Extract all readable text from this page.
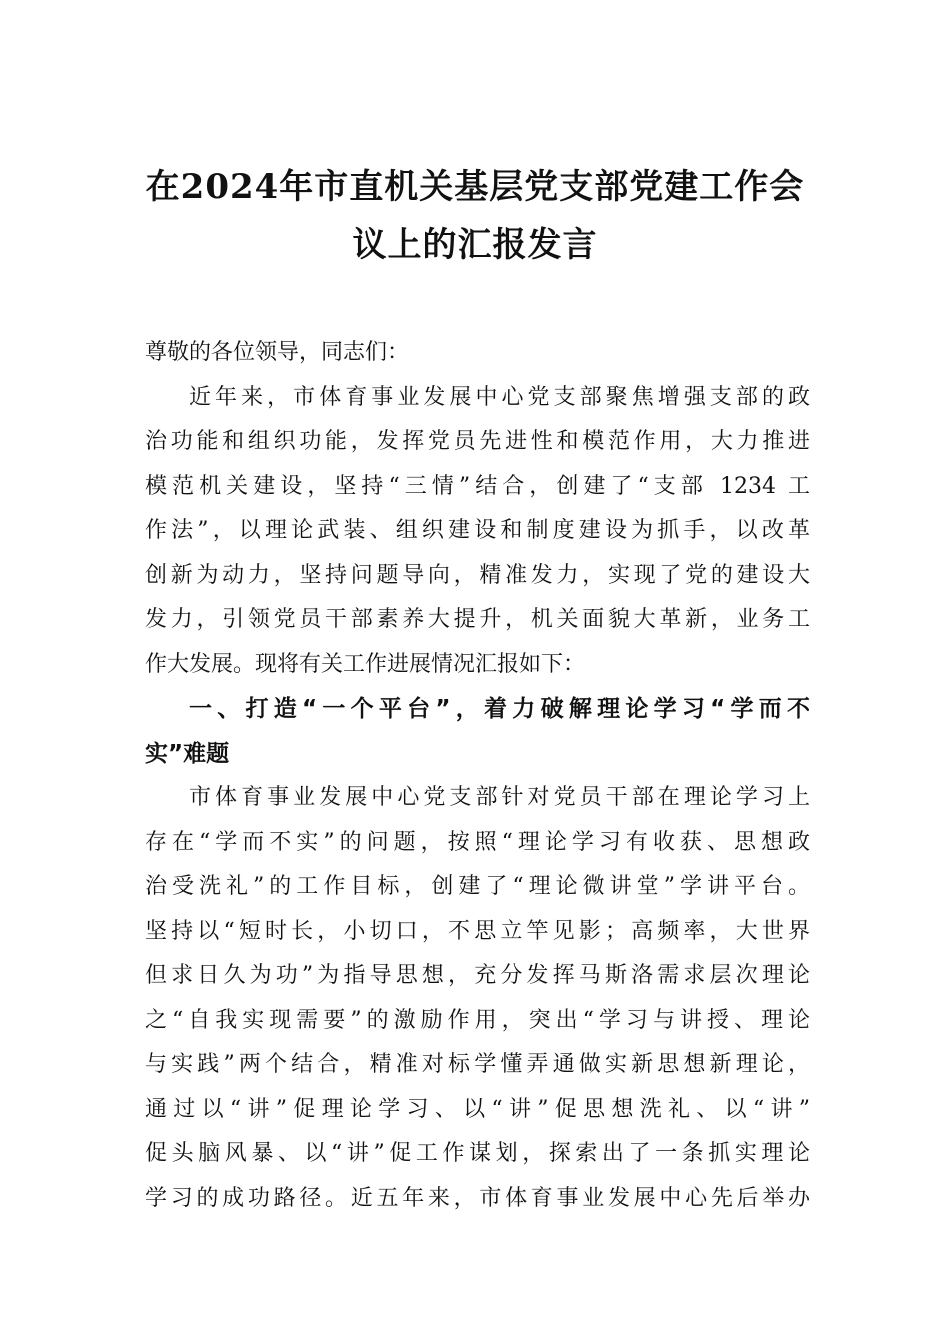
在2024年市直机关基层党支部党建工作会
议上的汇报发言
尊敬的各位领导，同志们：
近年来，市体育事业发展中心党支部聚焦增强支部的政
治功能和组织功能，发挥党员先进性和模范作用，大力推进
模范机关建设，坚持“三情”结合，创建了“支部 1234 工
作法”，以理论武装、组织建设和制度建设为抓手，以改革
创新为动力，坚持问题导向，精准发力，实现了党的建设大
发力，引领党员干部素养大提升，机关面貌大革新，业务工
作大发展。现将有关工作进展情况汇报如下：
一、打造“一个平台”，着力破解理论学习“学而不
实”难题
市体育事业发展中心党支部针对党员干部在理论学习上
存在“学而不实”的问题，按照“理论学习有收获、思想政
治受洗礼”的工作目标，创建了“理论微讲堂”学讲平台。
坚持以“短时长，小切口，不思立竿见影；高频率，大世界
但求日久为功”为指导思想，充分发挥马斯洛需求层次理论
之“自我实现需要”的激励作用，突出“学习与讲授、理论
与实践”两个结合，精准对标学懂弄通做实新思想新理论，
通过以“讲”促理论学习、以“讲”促思想洗礼、以“讲”
促头脑风暴、以“讲”促工作谋划，探索出了一条抓实理论
学习的成功路径。近五年来，市体育事业发展中心先后举办
